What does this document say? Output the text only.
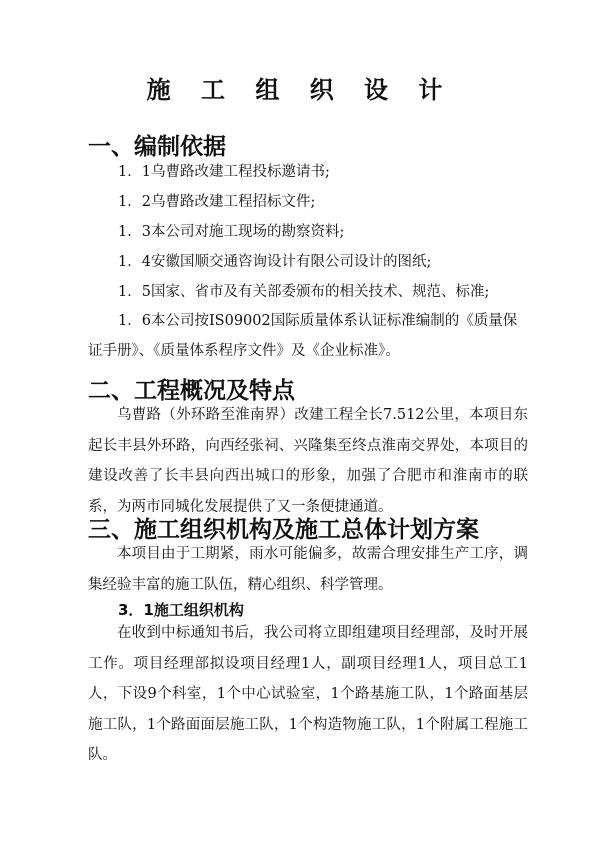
施 工 组 织 设 计
一、编制依据
1．1乌曹路改建工程投标邀请书;
1．2乌曹路改建工程招标文件;
1．3本公司对施工现场的勘察资料;
1．4安徽国顺交通咨询设计有限公司设计的图纸;
1．5国家、省市及有关部委颁布的相关技术、规范、标准;
1．6本公司按IS09002国际质量体系认证标准编制的《质量保证手册》、《质量体系程序文件》及《企业标准》。
二、工程概况及特点
乌曹路（外环路至淮南界）改建工程全长7.512公里，本项目东起长丰县外环路，向西经张祠、兴隆集至终点淮南交界处，本项目的建设改善了长丰县向西出城口的形象，加强了合肥市和淮南市的联系，为两市同城化发展提供了又一条便捷通道。
三、施工组织机构及施工总体计划方案
本项目由于工期紧，雨水可能偏多，故需合理安排生产工序，调集经验丰富的施工队伍，精心组织、科学管理。
3．1施工组织机构
在收到中标通知书后，我公司将立即组建项目经理部，及时开展工作。项目经理部拟设项目经理1人，副项目经理1人，项目总工1人，下设9个科室，1个中心试验室，1个路基施工队，1个路面基层施工队，1个路面面层施工队，1个构造物施工队，1个附属工程施工队。
